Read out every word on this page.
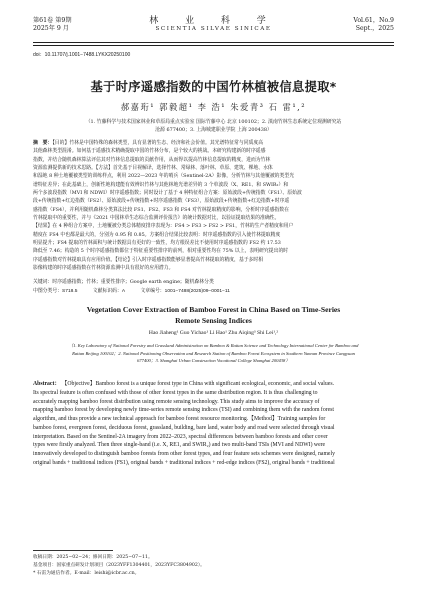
第61卷 第9期
2025年 9 月
林 业 科 学
SCIENTIA SILVAE SINICAE
Vol.61，No.9
Sept.，2025
doi：10.11707/j.1001−7488.LYKX20250100
基于时序遥感指数的中国竹林植被信息提取*
郝嘉珩¹ 郭毅超¹ 李 浩¹ 朱爱青³ 石 雷¹,²
（1. 竹藤科学与技术国家林业和草原局重点实验室 国际竹藤中心 北京 100102；2. 滇南竹林生态系统定位观测研究站
沧源 677400；3. 上海城建职业学院 上海 200438）
摘　要：【目的】竹林是中国特殊的森林类型，具有显著的生态、经济和社会价值。其光谱特征常与同质度高
其他森林类型混淆。如何基于遥感技术精确提取中国的竹林分布，是个较大的挑战。本研究构建新的时序遥感
指数，并结合随机森林算法评估其对竹林信息提取的贡献作用，从而得以提高竹林信息提取的精度，进而为竹林
资源监测提供新的技术思路。【方法】首先基于目视解译，选择竹林、常绿林、落叶林、草原、建筑、裸地、水体
和湿地 8 种土地覆被类型的训练样点，利用 2022—2023 年的哨兵（Sentinel-2A）影像，分析竹林与其他覆被的类型光
谱特征差异；在此基础上，创新性地构建能有效辨识竹林与其他林地光谱差异的 3 个单波段（X、RE1、和 SWIR₂）和
两个多波段指数（MVI 和 NDWI）时序遥感指数；同时设计了基于 4 种特征组合方案：原始波段+传统指数（FS1）、原始波
段+传统指数+红边指数（FS2）、原始波段+传统指数+时序遥感指数（FS3），原始波段+传统指数+红边指数+时序遥
感指数（FS4），并利用随机森林分类算法比较 FS1、FS2、FS3 和 FS4 对竹林提取精度的影响，分析时序遥感指数在
竹林提取中的重要性，并与《2021 中国林草生态综合监测评价报告》的统计数据对比，以验证提取结果的准确性。
【结果】在 4 种组合方案中，土地覆被分类总体精度排序表现为：FS4 > FS3 > FS2 > FS1，竹林的生产者精度和用户
精度在 FS4 中也都是最大的，分别为 0.95 和 0.85。方案组合结果比较表明：时序遥感指数的引入使竹林提取精度
明显提升；FS4 提取的竹林面积与统计数据具有更好的一致性，均方根误差比不使用时序遥感指数的 FS2 约 17.53
降低至 7.46；构造的 5 个时序遥感指数都位于特征重要性排序的前列，相对重要性均在 75% 以上，表明研究提出的时
序遥感指数对竹林提取具有应用价值。【结论】引入时序遥感指数能够显著提高竹林提取的精度，基于多时相
影像构建的时序遥感指数在竹林资源监测中具有很好的应用潜力。
关键词：时序遥感指数；竹林；重要性排序；Google earth engine；随机森林分类
中图分类号：S718.5	文献标识码：A	文章编号：1001−7488(2025)09−0001−11
Vegetation Cover Extraction of Bamboo Forest in China Based on Time-Series
Remote Sensing Indices
Hao Jiaheng¹ Guo Yichao¹ Li Hao¹ Zhu Aiqing³ Shi Lei¹,²
（1. Key Laboratory of National Forestry and Grassland Administration on Bamboo & Rattan Science and Technology International Center for Bamboo and
Rattan Beijing 100102；2. National Positioning Observation and Research Station of Bamboo Forest Ecosystem in Southern Yunnan Province Cangyuan
677400；3. Shanghai Urban Construction Vocational College Shanghai 200438）
Abstract： 【Objective】Bamboo forest is a unique forest type in China with significant ecological, economic, and social values.
Its spectral feature is often confused with those of other forest types in the same distribution region. It is thus challenging to
accurately mapping bamboo forest distribution using remote sensing technology. This study aims to improve the accuracy of
mapping bamboo forest by developing newly time-series remote sensing indices (TSI) and combining them with the random forest
algorithm, and thus provide a new technical approach for bamboo forest resource monitoring.【Method】Training samples for
bamboo forest, evergreen forest, deciduous forest, grassland, building, bare land, water body and road were selected through visual
interpretation. Based on the Sentinel-2A imagery from 2022–2023, spectral differences between bamboo forests and other cover
types were firstly analyzed. Then three single-band (i.e. X, RE1, and SWIR₂) and two multi-band TSIs (MVI and NDWI) were
innovatively developed to distinguish bamboo forests from other forest types, and four feature sets schemes were designed, namely
original bands + traditional indices (FS1), original bands + traditional indices + red-edge indices (FS2), original bands + traditional
收稿日期：2025−02−24；修回日期：2025−07−11。
基金项目：国家重点研发计划项目（2023YFF1304401，2023YFC3804902）。
* 石雷为通信作者。E-mail：leishi@icbr.ac.cn。
